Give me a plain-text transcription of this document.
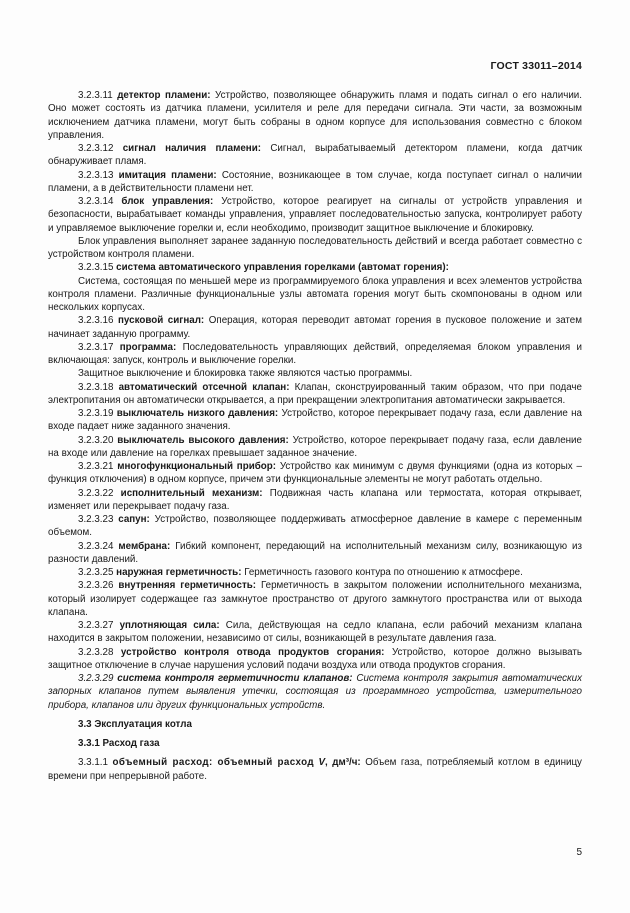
ГОСТ 33011–2014

3.2.3.11 детектор пламени: Устройство, позволяющее обнаружить пламя и подать сигнал о его наличии. Оно может состоять из датчика пламени, усилителя и реле для передачи сигнала. Эти части, за возможным исключением датчика пламени, могут быть собраны в одном корпусе для использования совместно с блоком управления.

3.2.3.12 сигнал наличия пламени: Сигнал, вырабатываемый детектором пламени, когда датчик обнаруживает пламя.

3.2.3.13 имитация пламени: Состояние, возникающее в том случае, когда поступает сигнал о наличии пламени, а в действительности пламени нет.

3.2.3.14 блок управления: Устройство, которое реагирует на сигналы от устройств управления и безопасности, вырабатывает команды управления, управляет последовательностью запуска, контролирует работу и управляемое выключение горелки и, если необходимо, производит защитное выключение и блокировку.

Блок управления выполняет заранее заданную последовательность действий и всегда работает совместно с устройством контроля пламени.

3.2.3.15 система автоматического управления горелками (автомат горения):

Система, состоящая по меньшей мере из программируемого блока управления и всех элементов устройства контроля пламени. Различные функциональные узлы автомата горения могут быть скомпонованы в одном или нескольких корпусах.

3.2.3.16 пусковой сигнал: Операция, которая переводит автомат горения в пусковое положение и затем начинает заданную программу.

3.2.3.17 программа: Последовательность управляющих действий, определяемая блоком управления и включающая: запуск, контроль и выключение горелки.

Защитное выключение и блокировка также являются частью программы.

3.2.3.18 автоматический отсечной клапан: Клапан, сконструированный таким образом, что при подаче электропитания он автоматически открывается, а при прекращении электропитания автоматически закрывается.

3.2.3.19 выключатель низкого давления: Устройство, которое перекрывает подачу газа, если давление на входе падает ниже заданного значения.

3.2.3.20 выключатель высокого давления: Устройство, которое перекрывает подачу газа, если давление на входе или давление на горелках превышает заданное значение.

3.2.3.21 многофункциональный прибор: Устройство как минимум с двумя функциями (одна из которых – функция отключения) в одном корпусе, причем эти функциональные элементы не могут работать отдельно.

3.2.3.22 исполнительный механизм: Подвижная часть клапана или термостата, которая открывает, изменяет или перекрывает подачу газа.

3.2.3.23 сапун: Устройство, позволяющее поддерживать атмосферное давление в камере с переменным объемом.

3.2.3.24 мембрана: Гибкий компонент, передающий на исполнительный механизм силу, возникающую из разности давлений.

3.2.3.25 наружная герметичность: Герметичность газового контура по отношению к атмосфере.

3.2.3.26 внутренняя герметичность: Герметичность в закрытом положении исполнительного механизма, который изолирует содержащее газ замкнутое пространство от другого замкнутого пространства или от выхода клапана.

3.2.3.27 уплотняющая сила: Сила, действующая на седло клапана, если рабочий механизм клапана находится в закрытом положении, независимо от силы, возникающей в результате давления газа.

3.2.3.28 устройство контроля отвода продуктов сгорания: Устройство, которое должно вызывать защитное отключение в случае нарушения условий подачи воздуха или отвода продуктов сгорания.

3.2.3.29 система контроля герметичности клапанов: Система контроля закрытия автоматических запорных клапанов путем выявления утечки, состоящая из программного устройства, измерительного прибора, клапанов или других функциональных устройств.

3.3 Эксплуатация котла

3.3.1 Расход газа

3.3.1.1 объемный расход: объемный расход V, дм³/ч: Объем газа, потребляемый котлом в единицу времени при непрерывной работе.

5
